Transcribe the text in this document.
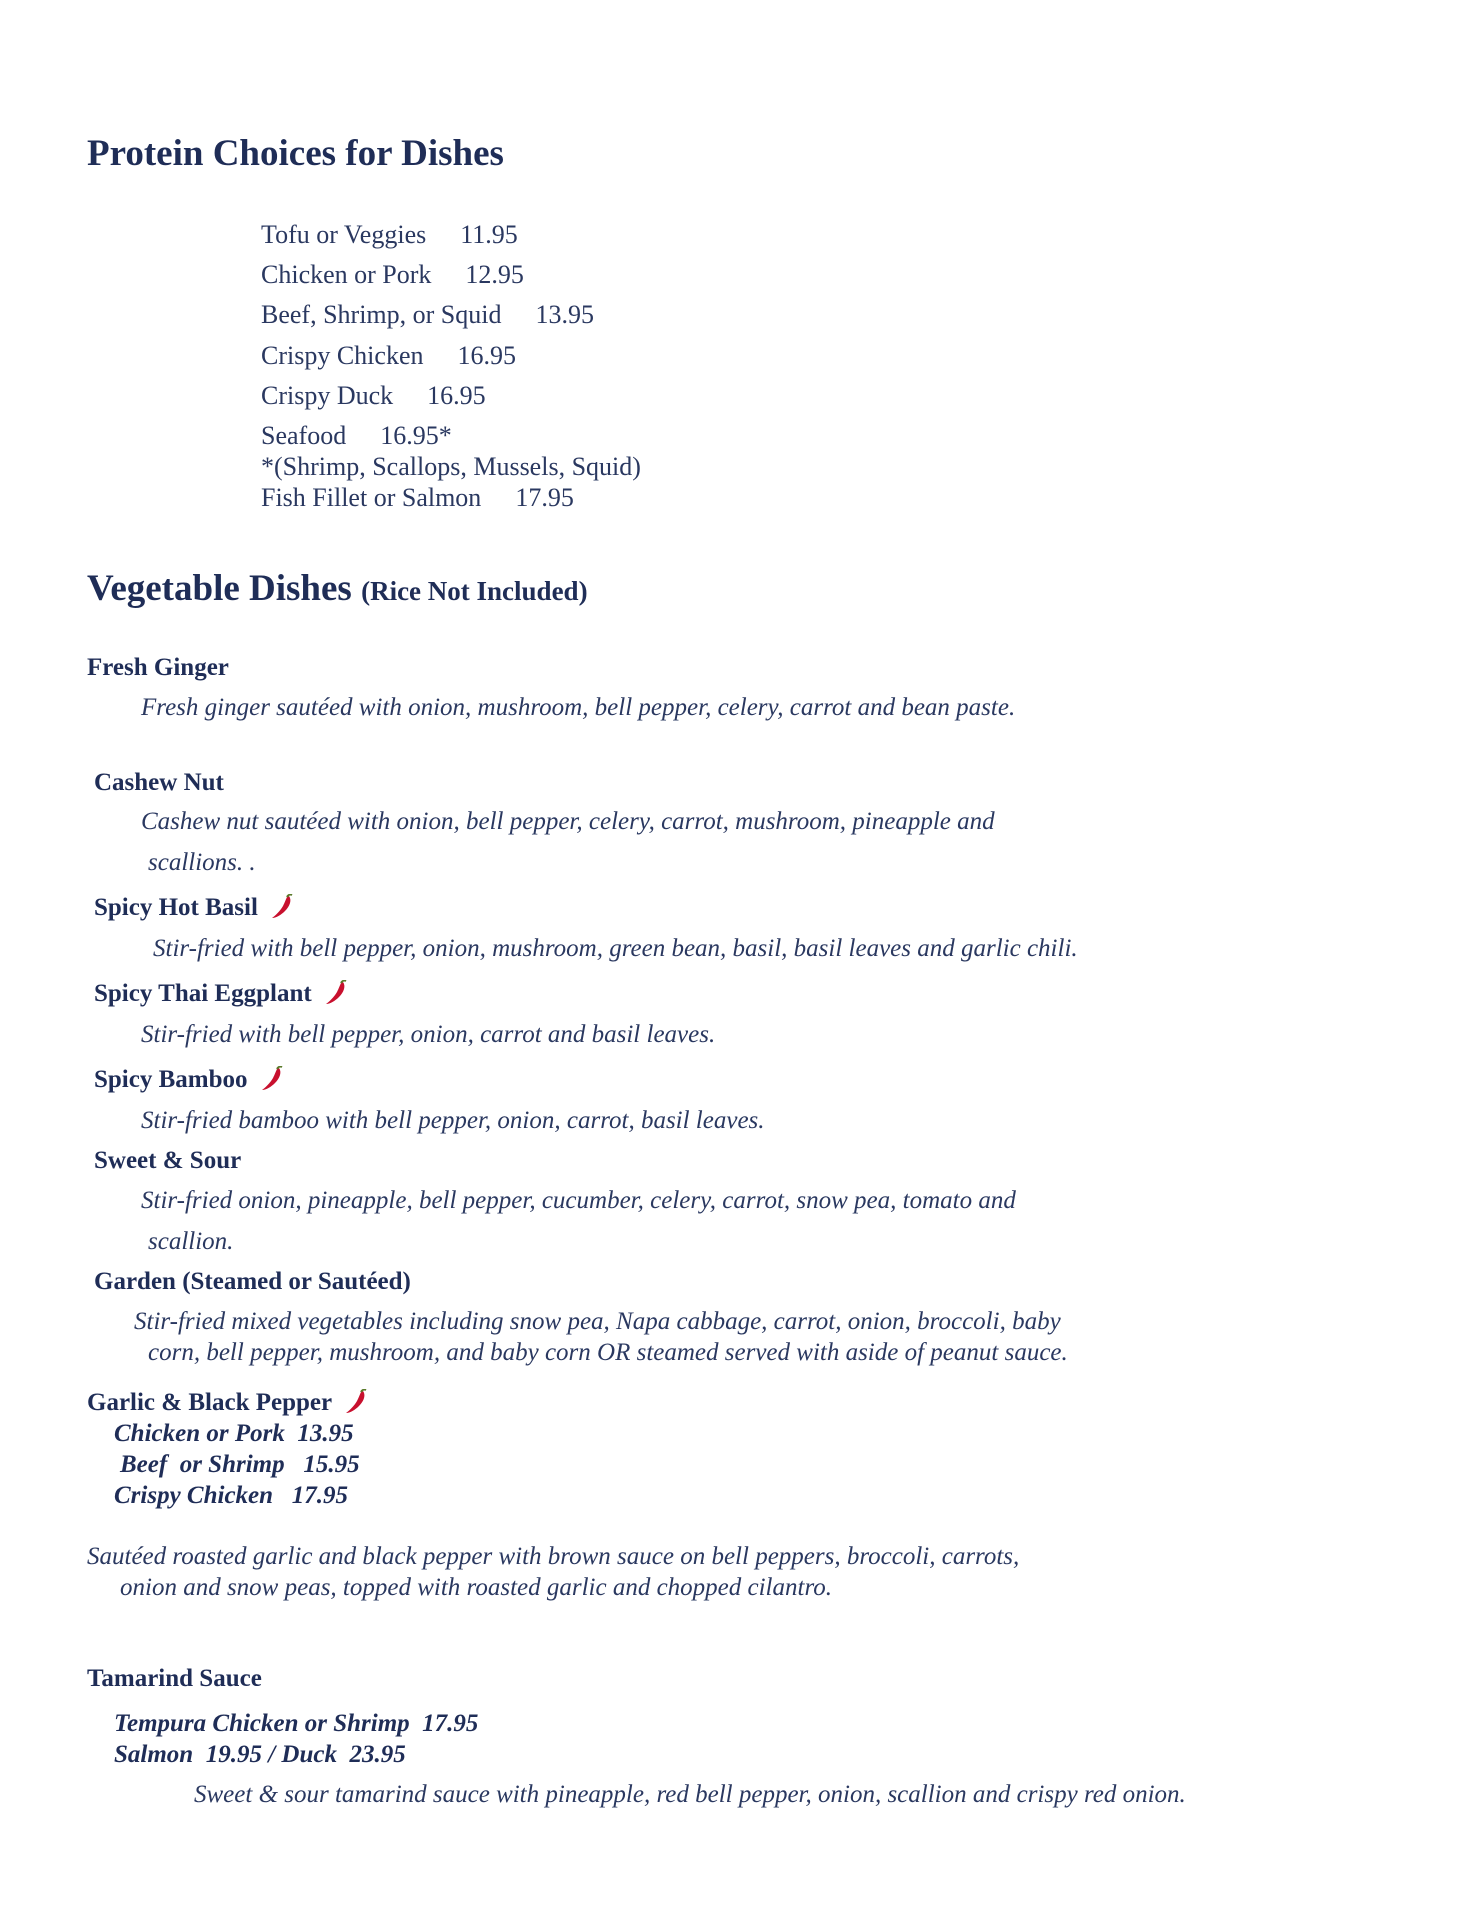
Protein Choices for Dishes
Tofu or Veggies 11.95
Chicken or Pork 12.95
Beef, Shrimp, or Squid 13.95
Crispy Chicken 16.95
Crispy Duck 16.95
Seafood 16.95*
*(Shrimp, Scallops, Mussels, Squid)
Fish Fillet or Salmon 17.95
Vegetable Dishes (Rice Not Included)
Fresh Ginger
Fresh ginger sautéed with onion, mushroom, bell pepper, celery, carrot and bean paste.
Cashew Nut
Cashew nut sautéed with onion, bell pepper, celery, carrot, mushroom, pineapple and
scallions. .
Spicy Hot Basil
Stir-fried with bell pepper, onion, mushroom, green bean, basil, basil leaves and garlic chili.
Spicy Thai Eggplant
Stir-fried with bell pepper, onion, carrot and basil leaves.
Spicy Bamboo
Stir-fried bamboo with bell pepper, onion, carrot, basil leaves.
Sweet & Sour
Stir-fried onion, pineapple, bell pepper, cucumber, celery, carrot, snow pea, tomato and
scallion.
Garden (Steamed or Sautéed)
Stir-fried mixed vegetables including snow pea, Napa cabbage, carrot, onion, broccoli, baby
corn, bell pepper, mushroom, and baby corn OR steamed served with aside of peanut sauce.
Garlic & Black Pepper
Chicken or Pork  13.95
Beef  or Shrimp   15.95
Crispy Chicken   17.95
Sautéed roasted garlic and black pepper with brown sauce on bell peppers, broccoli, carrots,
onion and snow peas, topped with roasted garlic and chopped cilantro.
Tamarind Sauce
Tempura Chicken or Shrimp  17.95
Salmon  19.95 / Duck  23.95
Sweet & sour tamarind sauce with pineapple, red bell pepper, onion, scallion and crispy red onion.
